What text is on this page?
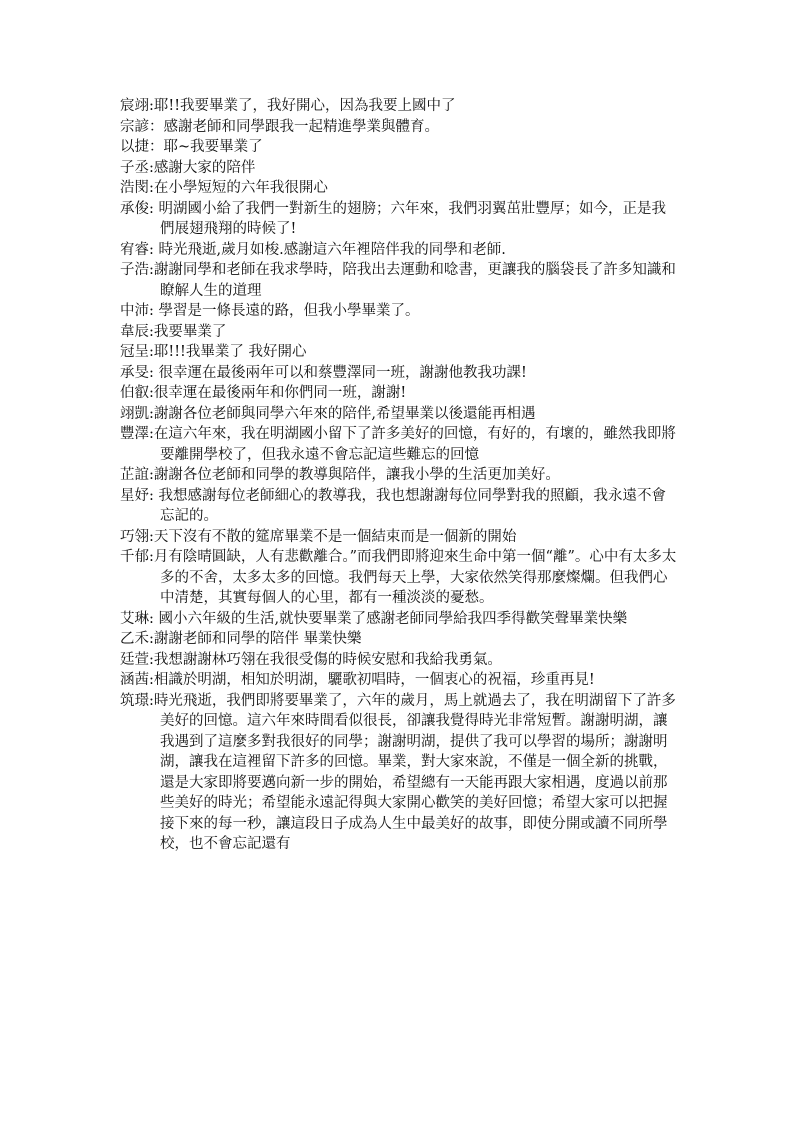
宸翊:耶!!我要畢業了，我好開心，因為我要上國中了

宗諺：感謝老師和同學跟我一起精進學業與體育。

以捷：耶~我要畢業了

子丞:感謝大家的陪伴

浩閔:在小學短短的六年我很開心

承俊: 明湖國小給了我們一對新生的翅膀；六年來，我們羽翼茁壯豐厚；如今，正是我們展翅飛翔的時候了!

宥睿: 時光飛逝,歲月如梭.感謝這六年裡陪伴我的同學和老師.

子浩:謝謝同學和老師在我求學時，陪我出去運動和唸書，更讓我的腦袋長了許多知識和瞭解人生的道理

中沛: 學習是一條長遠的路，但我小學畢業了。

韋辰:我要畢業了

冠呈:耶!!!我畢業了 我好開心

承旻: 很幸運在最後兩年可以和蔡豐澤同一班，謝謝他教我功課!

伯叡:很幸運在最後兩年和你們同一班，謝謝!

翊凱:謝謝各位老師與同學六年來的陪伴,希望畢業以後還能再相遇

豐澤:在這六年來，我在明湖國小留下了許多美好的回憶，有好的，有壞的，雖然我即將要離開學校了，但我永遠不會忘記這些難忘的回憶

芷誼:謝謝各位老師和同學的教導與陪伴，讓我小學的生活更加美好。

星妤: 我想感謝每位老師細心的教導我，我也想謝謝每位同學對我的照顧，我永遠不會忘記的。

巧翎:天下沒有不散的筵席畢業不是一個結束而是一個新的開始

千郁:月有陰晴圓缺，人有悲歡離合。”而我們即將迎來生命中第一個“離”。心中有太多太多的不舍，太多太多的回憶。我們每天上學，大家依然笑得那麼燦爛。但我們心中清楚，其實每個人的心里，都有一種淡淡的憂愁。

艾琳: 國小六年級的生活,就快要畢業了感謝老師同學給我四季得歡笑聲畢業快樂

乙禾:謝謝老師和同學的陪伴 畢業快樂

廷萱:我想謝謝林巧翎在我很受傷的時候安慰和我給我勇氣。

涵茜:相識於明湖，相知於明湖，驪歌初唱時，一個衷心的祝福，珍重再見!

筑璟:時光飛逝，我們即將要畢業了，六年的歲月，馬上就過去了，我在明湖留下了許多美好的回憶。這六年來時間看似很長，卻讓我覺得時光非常短暫。謝謝明湖，讓我遇到了這麼多對我很好的同學；謝謝明湖，提供了我可以學習的場所；謝謝明湖，讓我在這裡留下許多的回憶。畢業，對大家來說，不僅是一個全新的挑戰，還是大家即將要邁向新一步的開始，希望總有一天能再跟大家相遇，度過以前那些美好的時光；希望能永遠記得與大家開心歡笑的美好回憶；希望大家可以把握接下來的每一秒，讓這段日子成為人生中最美好的故事，即使分開或讀不同所學校，也不會忘記還有
